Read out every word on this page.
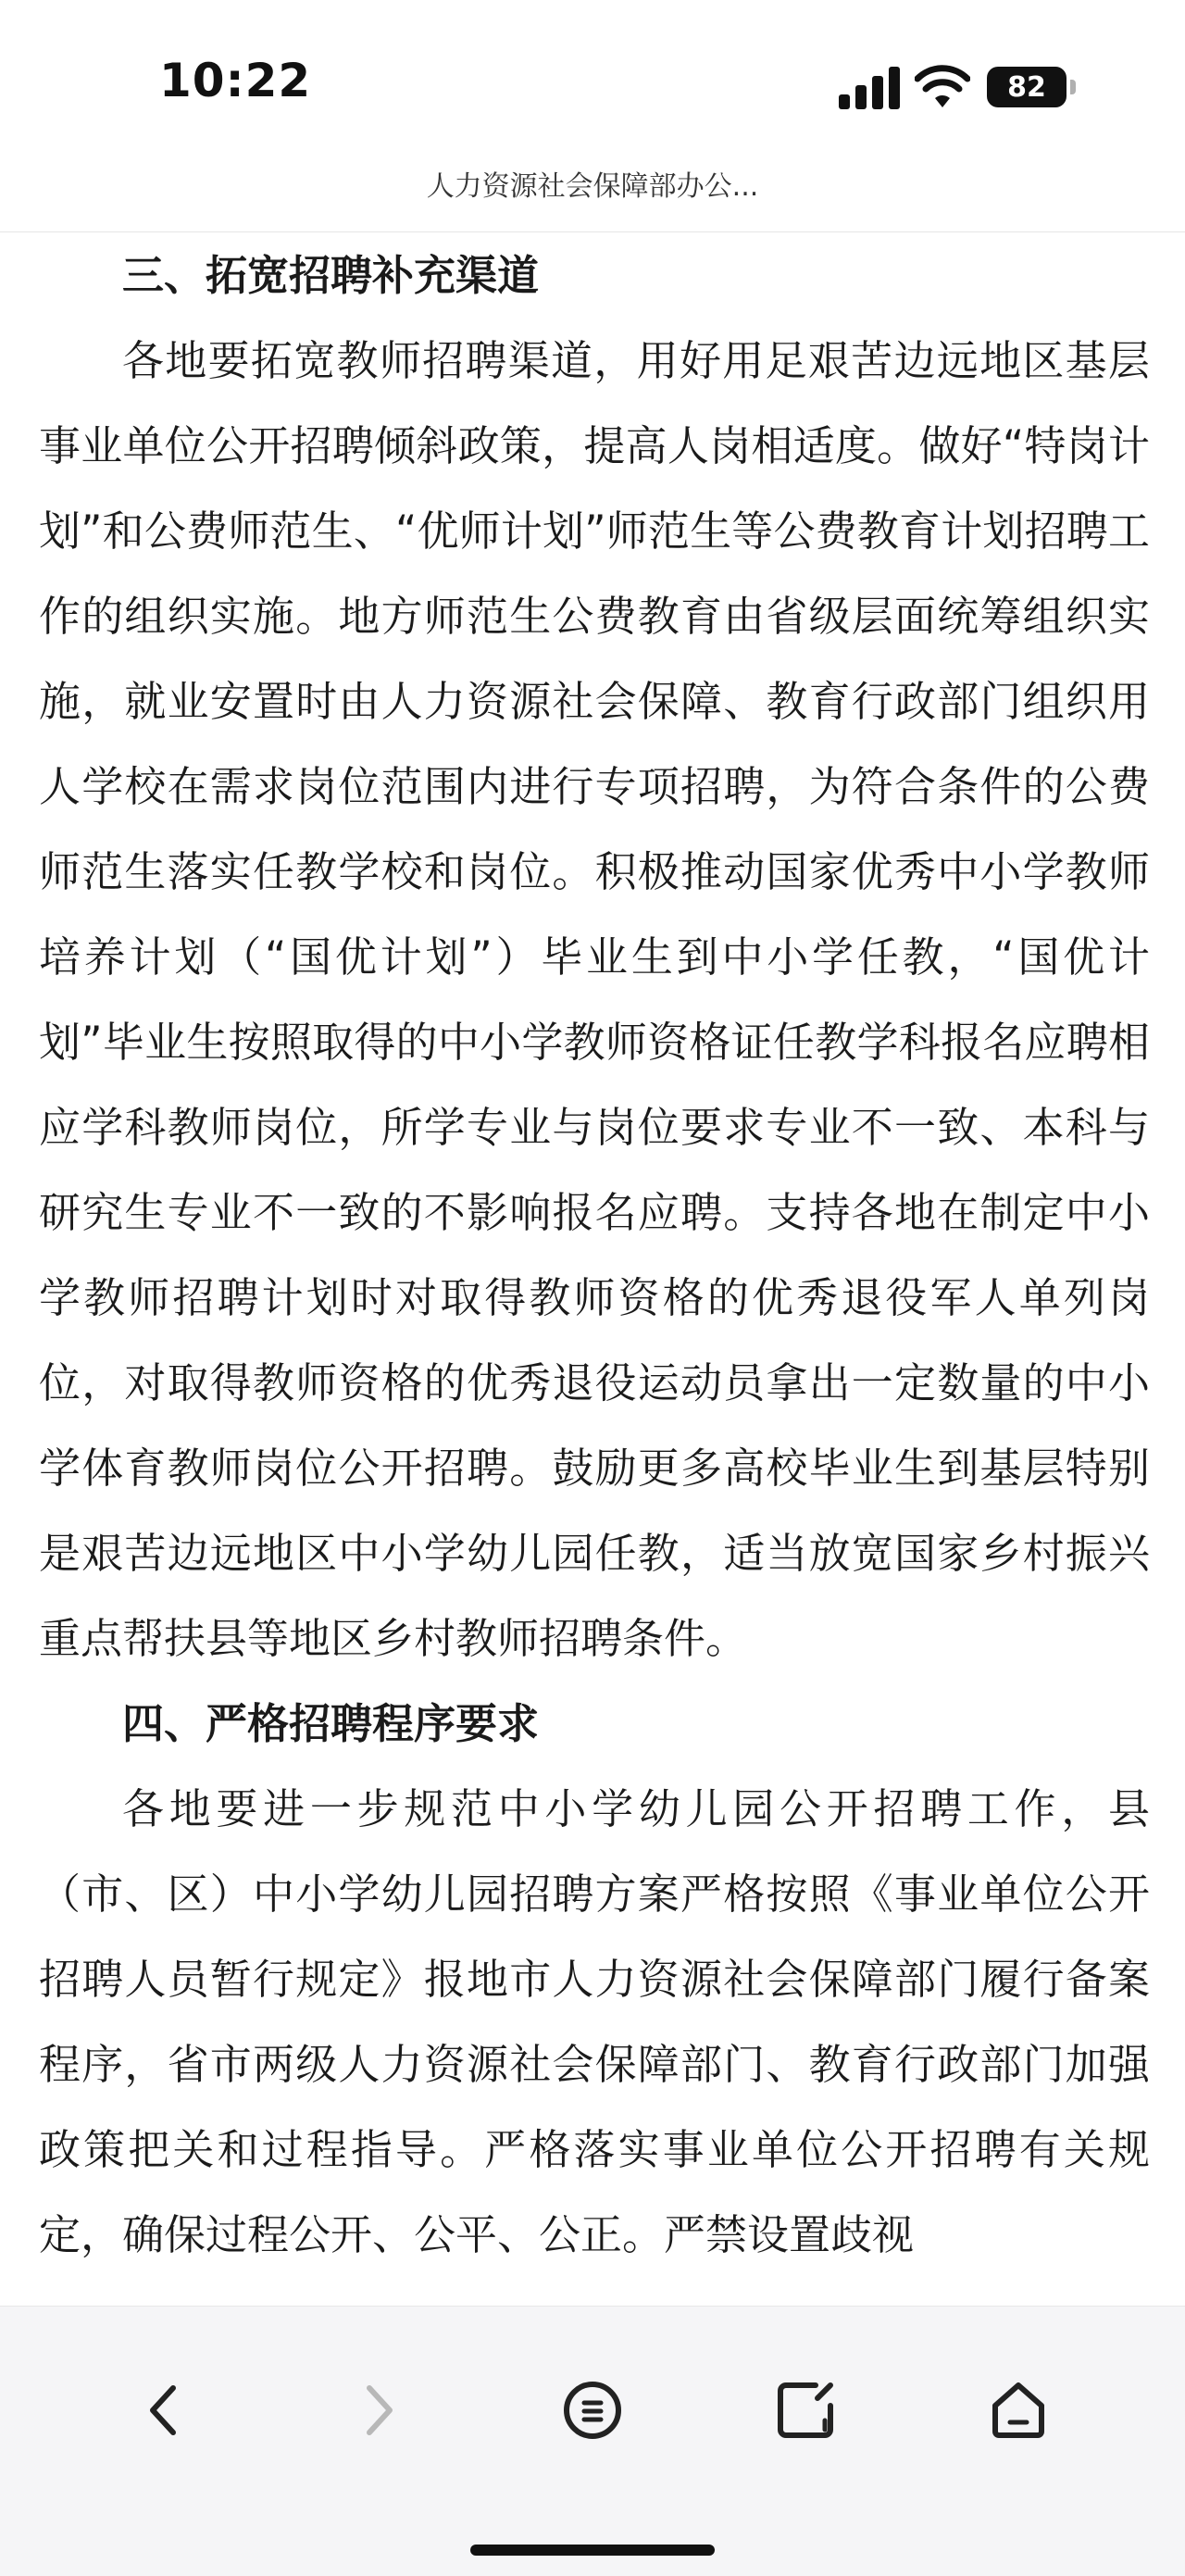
10:22	82
人力资源社会保障部办公...
三、拓宽招聘补充渠道

各地要拓宽教师招聘渠道，用好用足艰苦边远地区基层事业单位公开招聘倾斜政策，提高人岗相适度。做好“特岗计划”和公费师范生、“优师计划”师范生等公费教育计划招聘工作的组织实施。地方师范生公费教育由省级层面统筹组织实施，就业安置时由人力资源社会保障、教育行政部门组织用人学校在需求岗位范围内进行专项招聘，为符合条件的公费师范生落实任教学校和岗位。积极推动国家优秀中小学教师培养计划（“国优计划”）毕业生到中小学任教，“国优计划”毕业生按照取得的中小学教师资格证任教学科报名应聘相应学科教师岗位，所学专业与岗位要求专业不一致、本科与研究生专业不一致的不影响报名应聘。支持各地在制定中小学教师招聘计划时对取得教师资格的优秀退役军人单列岗位，对取得教师资格的优秀退役运动员拿出一定数量的中小学体育教师岗位公开招聘。鼓励更多高校毕业生到基层特别是艰苦边远地区中小学幼儿园任教，适当放宽国家乡村振兴重点帮扶县等地区乡村教师招聘条件。

四、严格招聘程序要求

各地要进一步规范中小学幼儿园公开招聘工作，县（市、区）中小学幼儿园招聘方案严格按照《事业单位公开招聘人员暂行规定》报地市人力资源社会保障部门履行备案程序，省市两级人力资源社会保障部门、教育行政部门加强政策把关和过程指导。严格落实事业单位公开招聘有关规定，确保过程公开、公平、公正。严禁设置歧视
